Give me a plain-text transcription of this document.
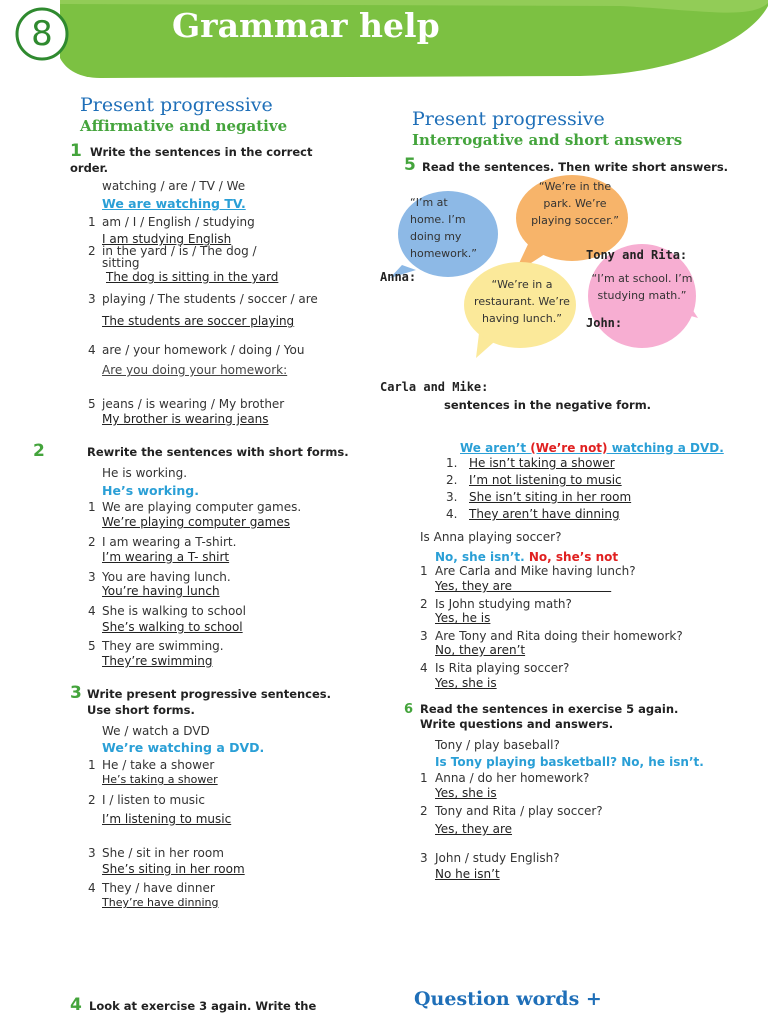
8	Grammar help
Present progressive
Affirmative and negative
1 Write the sentences in the correct order.
watching / are / TV / We
We are watching TV.
1 am / I / English / studying
I am studying English
2 in the yard / is / The dog /
sitting
The dog is sitting in the yard
3 playing / The students / soccer / are
The students are soccer playing
4 are / your homework / doing / You
Are you doing your homework:
5 jeans / is wearing / My brother
My brother is wearing jeans
2	Rewrite the sentences with short forms.
He is working.
He’s working.
1 We are playing computer games.
We’re playing computer games
2 I am wearing a T-shirt.
I’m wearing a T- shirt
3 You are having lunch.
You’re having lunch
4 She is walking to school
She’s walking to school
5 They are swimming.
They’re swimming
3 Write present progressive sentences.
Use short forms.
We / watch a DVD
We’re watching a DVD.
1 He / take a shower
He’s taking a shower
2 I / listen to music
I’m listening to music
3 She / sit in her room
She’s siting in her room
4 They / have dinner
They’re have dinning
4 Look at exercise 3 again. Write the
Present progressive
Interrogative and short answers
5 Read the sentences. Then write short answers.
“I’m at
home. I’m
doing my
homework.”
“We’re in the
park. We’re
playing soccer.”
“I’m at school. I’m
studying math.”
“We’re in a
restaurant. We’re
having lunch.”
Anna:
Tony and Rita:
John:
Carla and Mike:
sentences in the negative form.
We aren’t (We’re not) watching a DVD.
1. He isn’t taking a shower
2. I’m not listening to music
3. She isn’t siting in her room
4. They aren’t have dinning
Is Anna playing soccer?
No, she isn’t. No, she’s not
1 Are Carla and Mike having lunch?
Yes, they are
2 Is John studying math?
Yes, he is
3 Are Tony and Rita doing their homework?
No, they aren’t
4 Is Rita playing soccer?
Yes, she is
6 Read the sentences in exercise 5 again.
Write questions and answers.
Tony / play baseball?
Is Tony playing basketball? No, he isn’t.
1 Anna / do her homework?
Yes, she is
2 Tony and Rita / play soccer?
Yes, they are
3 John / study English?
No he isn’t
Question words +
